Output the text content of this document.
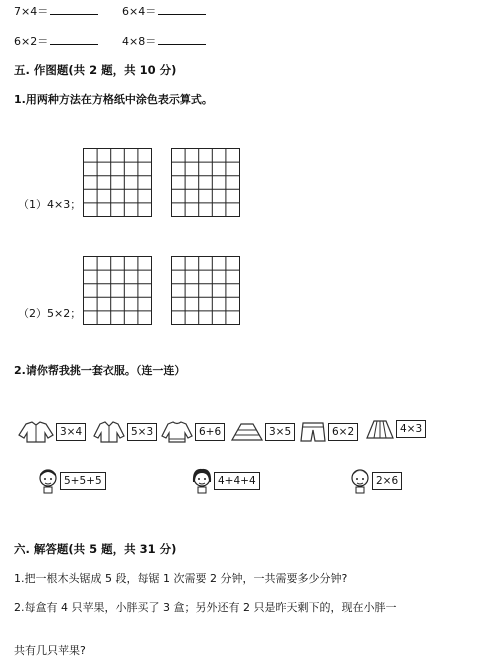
7×4＝	6×4＝
6×2＝	4×8＝
五. 作图题(共 2 题，共 10 分)
1.用两种方法在方格纸中涂色表示算式。
（1）4×3；
（2）5×2；
2.请你帮我挑一套衣服。（连一连）
3×4	5×3	6+6	3×5	6×2	4×3
5+5+5	4+4+4	2×6
六. 解答题(共 5 题，共 31 分)
1.把一根木头锯成 5 段，每锯 1 次需要 2 分钟，一共需要多少分钟?
2.每盒有 4 只苹果，小胖买了 3 盒；另外还有 2 只是昨天剩下的，现在小胖一
共有几只苹果?
